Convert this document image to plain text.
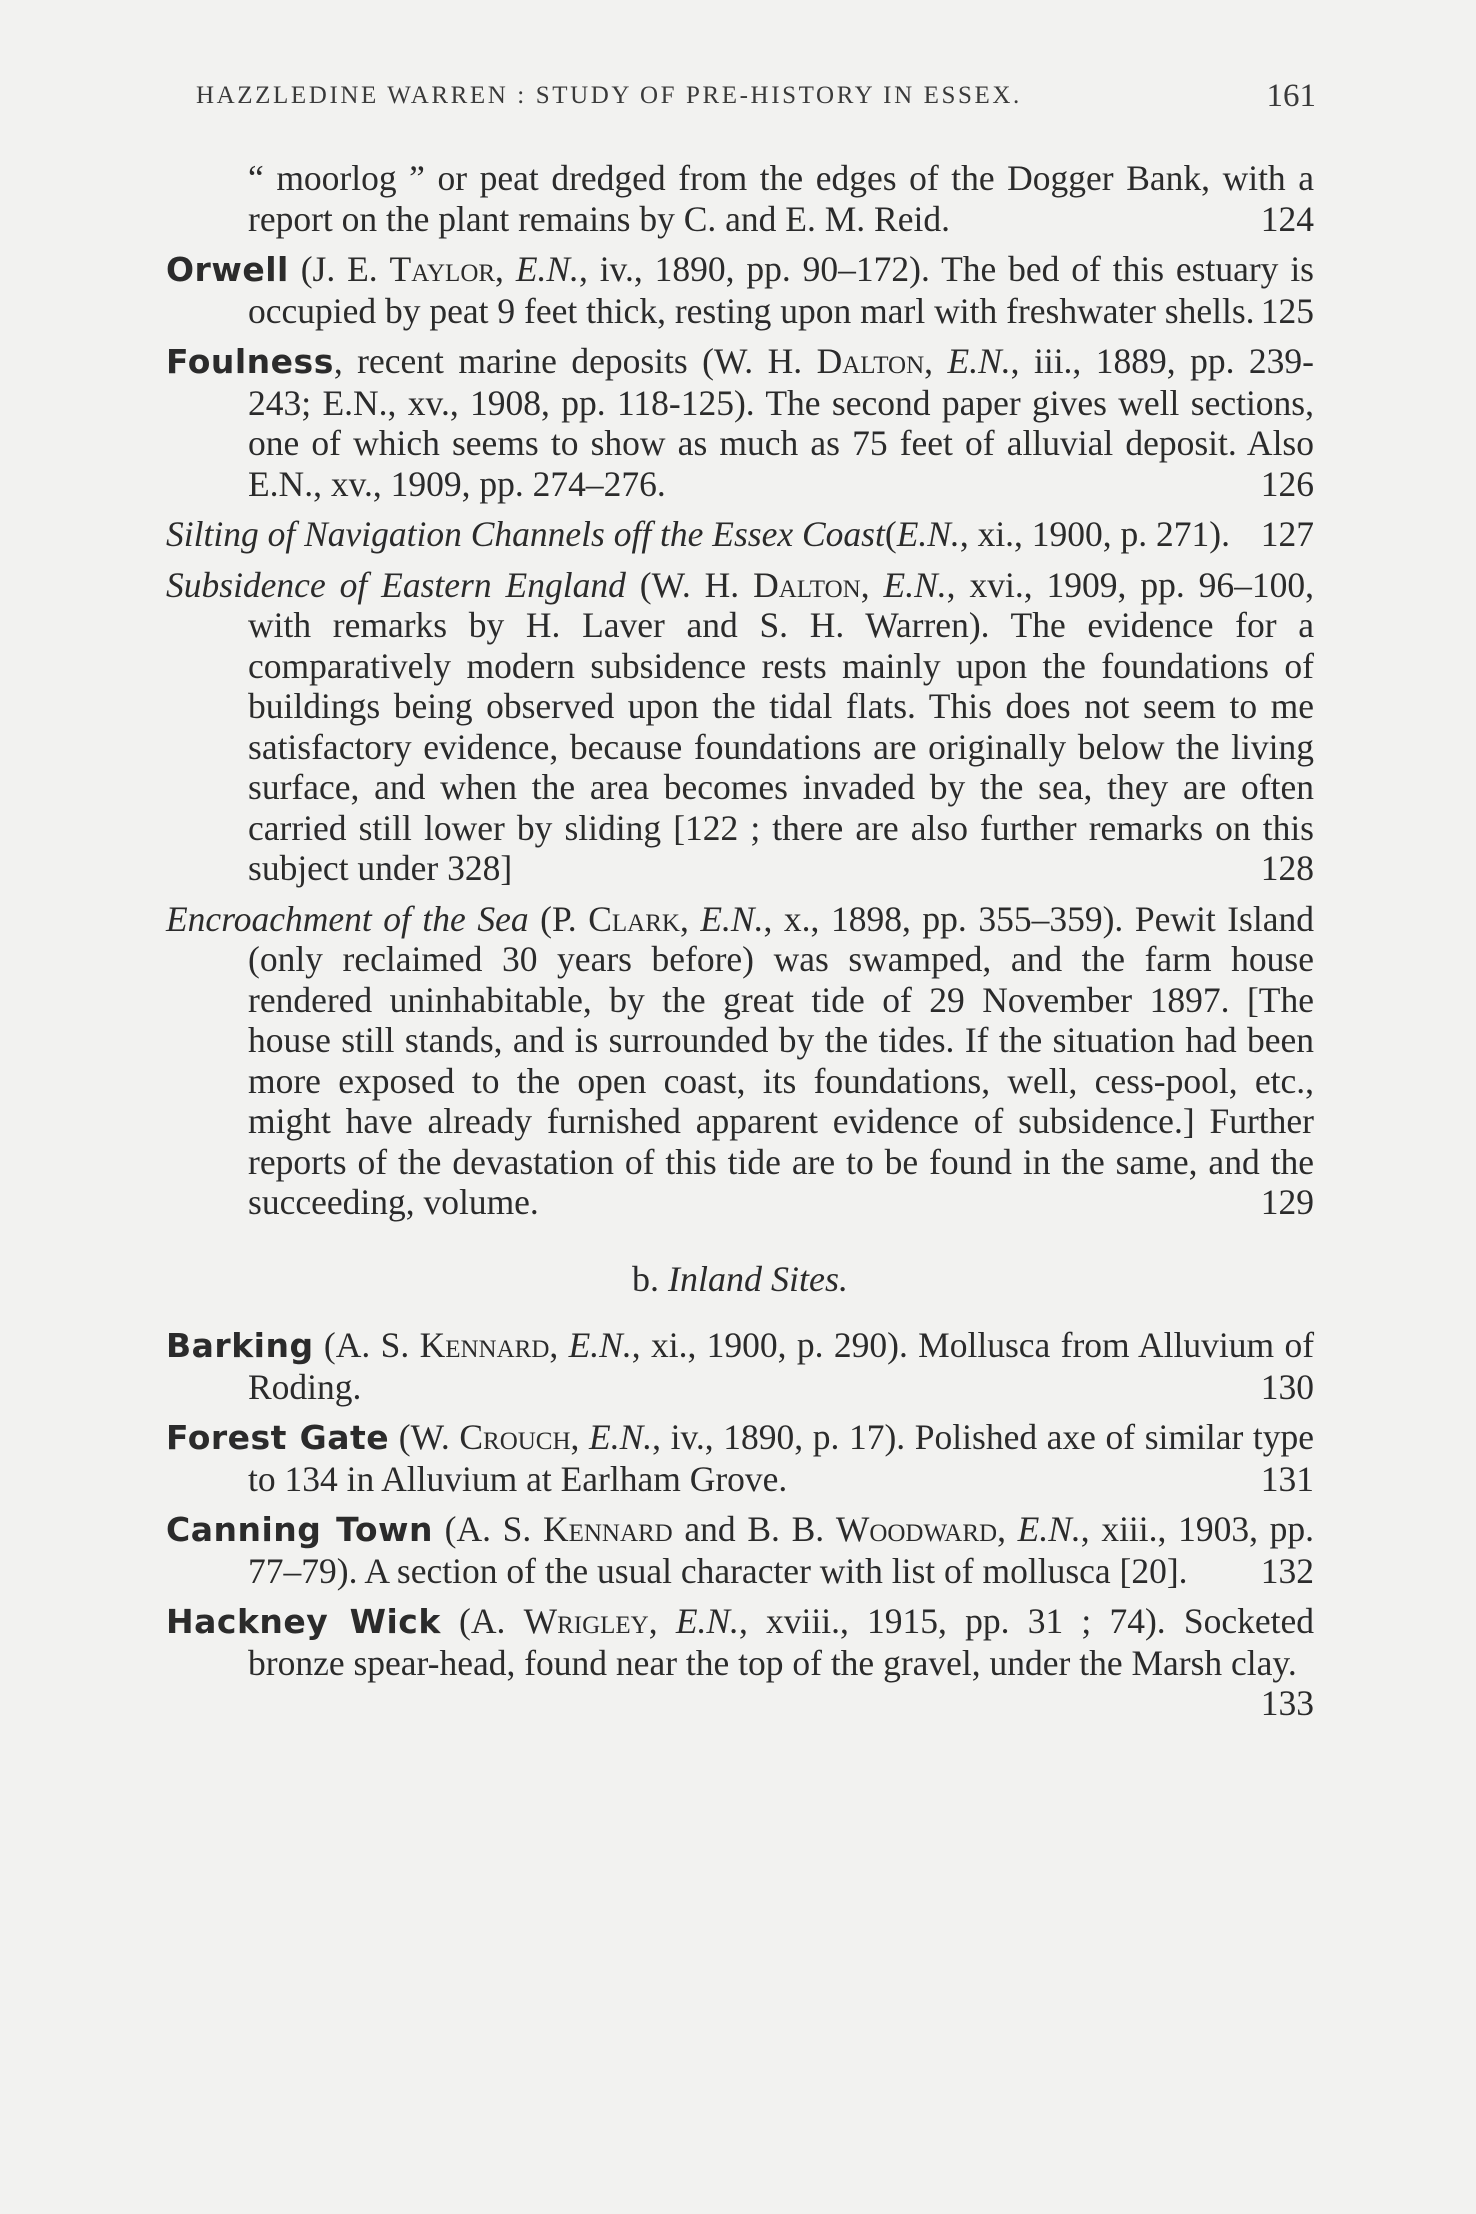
HAZZLEDINE WARREN : STUDY OF PRE-HISTORY IN ESSEX.	161
“ moorlog ” or peat dredged from the edges of the Dogger Bank, with a report on the plant remains by C. and E. M. Reid.	124
Orwell (J. E. Taylor, E.N., iv., 1890, pp. 90–172). The bed of this estuary is occupied by peat 9 feet thick, resting upon marl with freshwater shells. 125
Foulness, recent marine deposits (W. H. Dalton, E.N., iii., 1889, pp. 239-243; E.N., xv., 1908, pp. 118-125). The second paper gives well sections, one of which seems to show as much as 75 feet of alluvial deposit. Also E.N., xv., 1909, pp. 274–276.	126
Silting of Navigation Channels off the Essex Coast(E.N., xi., 1900, p. 271). 127
Subsidence of Eastern England (W. H. Dalton, E.N., xvi., 1909, pp. 96–100, with remarks by H. Laver and S. H. Warren). The evidence for a comparatively modern subsidence rests mainly upon the foundations of buildings being observed upon the tidal flats. This does not seem to me satisfactory evidence, because foundations are originally below the living surface, and when the area becomes invaded by the sea, they are often carried still lower by sliding [122 ; there are also further remarks on this subject under 328]	128
Encroachment of the Sea (P. Clark, E.N., x., 1898, pp. 355–359). Pewit Island (only reclaimed 30 years before) was swamped, and the farm house rendered uninhabitable, by the great tide of 29 November 1897. [The house still stands, and is surrounded by the tides. If the situation had been more exposed to the open coast, its foundations, well, cess-pool, etc., might have already furnished apparent evidence of subsidence.] Further reports of the devastation of this tide are to be found in the same, and the succeeding, volume.	129
b. Inland Sites.
Barking (A. S. Kennard, E.N., xi., 1900, p. 290). Mollusca from Alluvium of Roding.	130
Forest Gate (W. Crouch, E.N., iv., 1890, p. 17). Polished axe of similar type to 134 in Alluvium at Earlham Grove.	131
Canning Town (A. S. Kennard and B. B. Woodward, E.N., xiii., 1903, pp. 77–79). A section of the usual character with list of mollusca [20]. 132
Hackney Wick (A. Wrigley, E.N., xviii., 1915, pp. 31 ; 74). Socketed bronze spear-head, found near the top of the gravel, under the Marsh clay.
133
